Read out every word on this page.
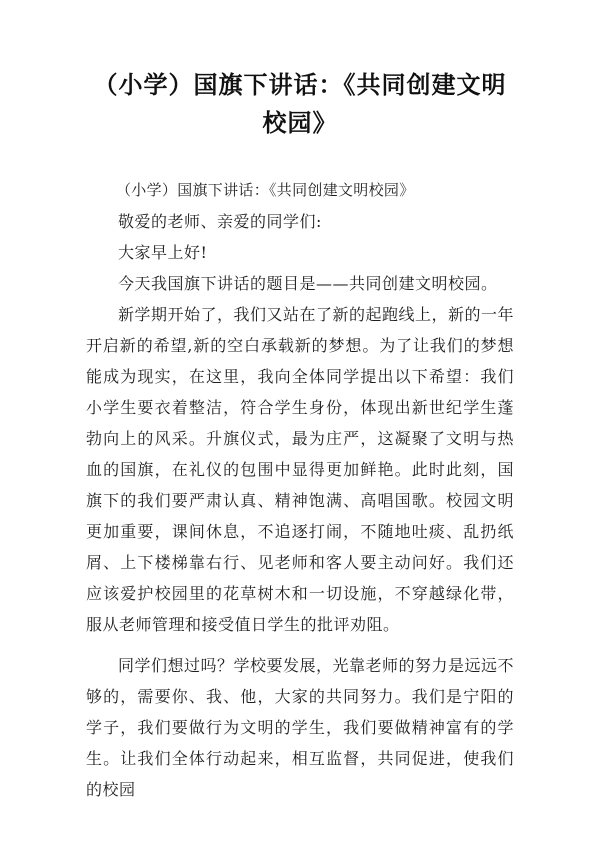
（小学）国旗下讲话：《共同创建文明校园》

（小学）国旗下讲话：《共同创建文明校园》

敬爱的老师、亲爱的同学们:

大家早上好!

今天我国旗下讲话的题目是——共同创建文明校园。

新学期开始了，我们又站在了新的起跑线上，新的一年开启新的希望,新的空白承载新的梦想。为了让我们的梦想能成为现实，在这里，我向全体同学提出以下希望：我们小学生要衣着整洁，符合学生身份，体现出新世纪学生蓬勃向上的风采。升旗仪式，最为庄严，这凝聚了文明与热血的国旗，在礼仪的包围中显得更加鲜艳。此时此刻，国旗下的我们要严肃认真、精神饱满、高唱国歌。校园文明更加重要，课间休息，不追逐打闹，不随地吐痰、乱扔纸屑、上下楼梯靠右行、见老师和客人要主动问好。我们还应该爱护校园里的花草树木和一切设施，不穿越绿化带，服从老师管理和接受值日学生的批评劝阻。

同学们想过吗？学校要发展，光靠老师的努力是远远不够的，需要你、我、他，大家的共同努力。我们是宁阳的学子，我们要做行为文明的学生，我们要做精神富有的学生。让我们全体行动起来，相互监督，共同促进，使我们的校园
